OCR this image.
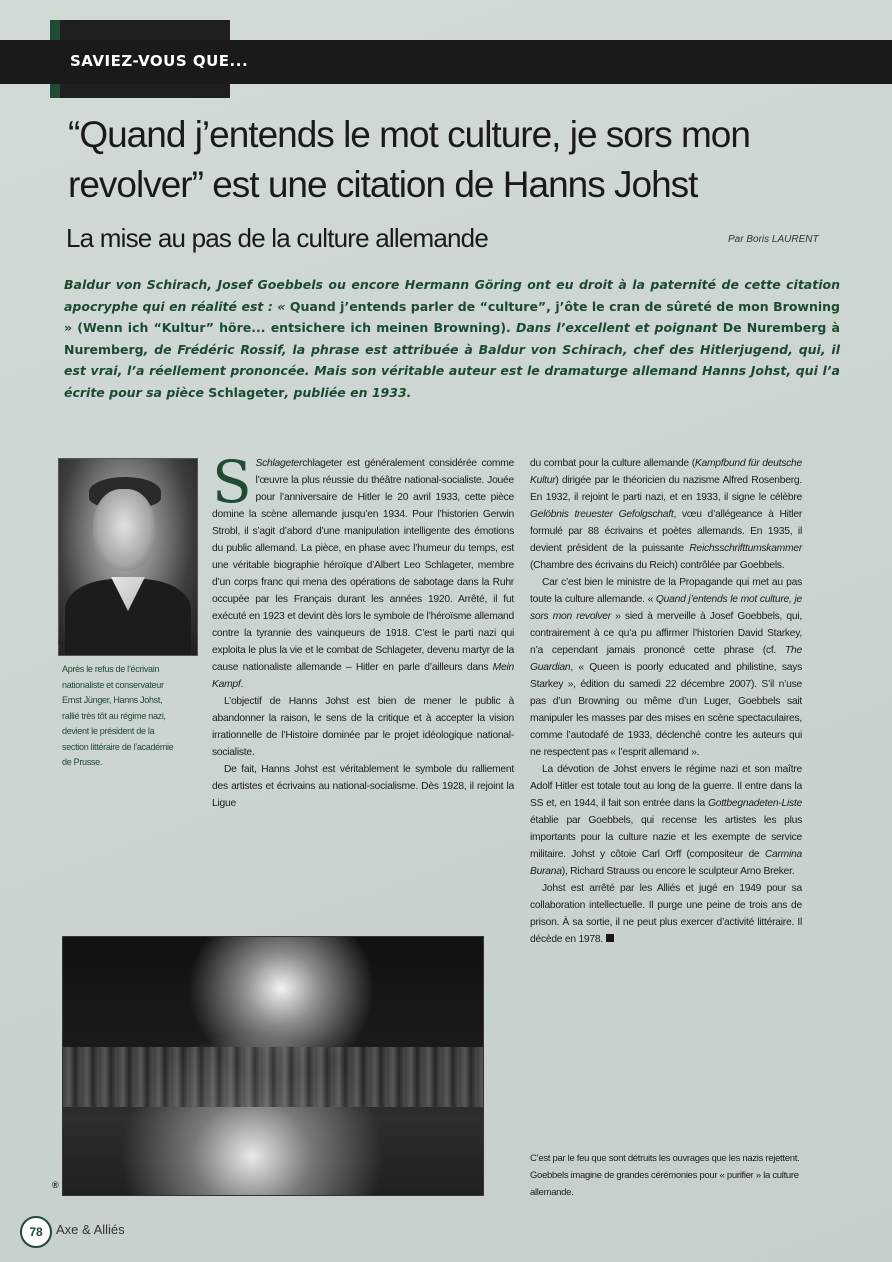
SAVIEZ-VOUS QUE...
“Quand j’entends le mot culture, je sors mon revolver” est une citation de Hanns Johst
La mise au pas de la culture allemande	Par Boris LAURENT
Baldur von Schirach, Josef Goebbels ou encore Hermann Göring ont eu droit à la paternité de cette citation apocryphe qui en réalité est : « Quand j’entends parler de “culture”, j’ôte le cran de sûreté de mon Browning » (Wenn ich “Kultur” höre... entsichere ich meinen Browning). Dans l’excellent et poignant De Nuremberg à Nuremberg, de Frédéric Rossif, la phrase est attribuée à Baldur von Schirach, chef des Hitlerjugend, qui, il est vrai, l’a réellement prononcée. Mais son véritable auteur est le dramaturge allemand Hanns Johst, qui l’a écrite pour sa pièce Schlageter, publiée en 1933.
®
Après le refus de l’écrivain nationaliste et conservateur Ernst Jünger, Hanns Johst, rallié très tôt au régime nazi, devient le président de la section littéraire de l’académie de Prusse.

S Schlageterchlageter est généralement considérée comme l’œuvre la plus réussie du théâtre national-socialiste. Jouée pour l’anniversaire de Hitler le 20 avril 1933, cette pièce domine la scène allemande jusqu’en 1934. Pour l’historien Gerwin Strobl, il s’agit d’abord d’une manipulation intelligente des émotions du public allemand. La pièce, en phase avec l’humeur du temps, est une véritable biographie héroïque d’Albert Leo Schlageter, membre d’un corps franc qui mena des opérations de sabotage dans la Ruhr occupée par les Français durant les années 1920. Arrêté, il fut exécuté en 1923 et devint dès lors le symbole de l’héroïsme allemand contre la tyrannie des vainqueurs de 1918. C’est le parti nazi qui exploita le plus la vie et le combat de Schlageter, devenu martyr de la cause nationaliste allemande – Hitler en parle d’ailleurs dans Mein Kampf.

L’objectif de Hanns Johst est bien de mener le public à abandonner la raison, le sens de la critique et à accepter la vision irrationnelle de l’Histoire dominée par le projet idéologique national-socialiste.

De fait, Hanns Johst est véritablement le symbole du ralliement des artistes et écrivains au national-socialisme. Dès 1928, il rejoint la Ligue

du combat pour la culture allemande (Kampfbund für deutsche Kultur) dirigée par le théoricien du nazisme Alfred Rosenberg. En 1932, il rejoint le parti nazi, et en 1933, il signe le célèbre Gelöbnis treuester Gefolgschaft, vœu d’allégeance à Hitler formulé par 88 écrivains et poètes allemands. En 1935, il devient président de la puissante Reichsschrifttumskammer (Chambre des écrivains du Reich) contrôlée par Goebbels.

Car c’est bien le ministre de la Propagande qui met au pas toute la culture allemande. « Quand j’entends le mot culture, je sors mon revolver » sied à merveille à Josef Goebbels, qui, contrairement à ce qu’a pu affirmer l’historien David Starkey, n’a cependant jamais prononcé cette phrase (cf. The Guardian, « Queen is poorly educated and philistine, says Starkey », édition du samedi 22 décembre 2007). S’il n’use pas d’un Browning ou même d’un Luger, Goebbels sait manipuler les masses par des mises en scène spectaculaires, comme l’autodafé de 1933, déclenché contre les auteurs qui ne respectent pas « l’esprit allemand ».

La dévotion de Johst envers le régime nazi et son maître Adolf Hitler est totale tout au long de la guerre. Il entre dans la SS et, en 1944, il fait son entrée dans la Gottbegnadeten-Liste établie par Goebbels, qui recense les artistes les plus importants pour la culture nazie et les exempte de service militaire. Johst y côtoie Carl Orff (compositeur de Carmina Burana), Richard Strauss ou encore le sculpteur Arno Breker.

Johst est arrêté par les Alliés et jugé en 1949 pour sa collaboration intellectuelle. Il purge une peine de trois ans de prison. À sa sortie, il ne peut plus exercer d’activité littéraire. Il décède en 1978.

®
C’est par le feu que sont détruits les ouvrages que les nazis rejettent. Goebbels imagine de grandes cérémonies pour « purifier » la culture allemande.
78	Axe & Alliés
